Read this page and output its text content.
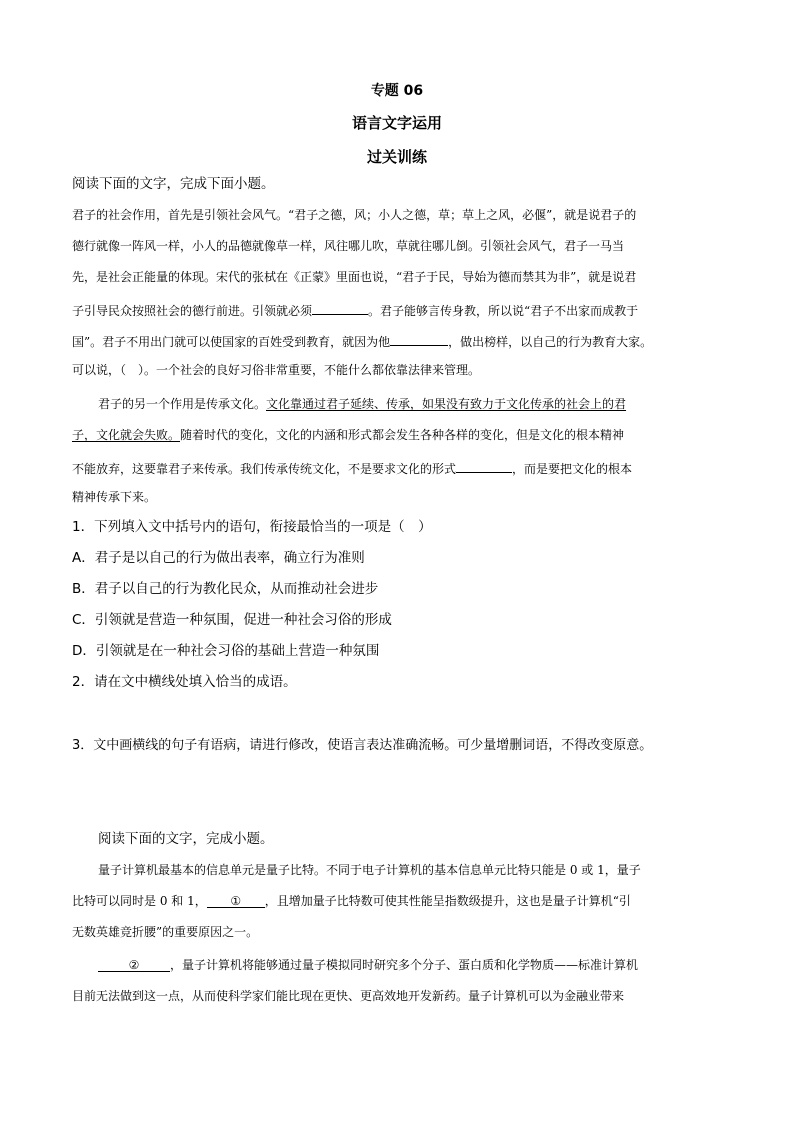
专题 06
语言文字运用
过关训练
阅读下面的文字，完成下面小题。
君子的社会作用，首先是引领社会风气。“君子之德，风；小人之德，草；草上之风，必偃”，就是说君子的
德行就像一阵风一样，小人的品德就像草一样，风往哪儿吹，草就往哪儿倒。引领社会风气，君子一马当
先，是社会正能量的体现。宋代的张栻在《正蒙》里面也说，“君子于民，导始为德而禁其为非”，就是说君
子引导民众按照社会的德行前进。引领就必须	。君子能够言传身教，所以说“君子不出家而成教于
国”。君子不用出门就可以使国家的百姓受到教育，就因为他	，做出榜样，以自己的行为教育大家。
可以说，（　）。一个社会的良好习俗非常重要，不能什么都依靠法律来管理。
君子的另一个作用是传承文化。文化靠通过君子延续、传承，如果没有致力于文化传承的社会上的君
子，文化就会失败。随着时代的变化，文化的内涵和形式都会发生各种各样的变化，但是文化的根本精神
不能放弃，这要靠君子来传承。我们传承传统文化，不是要求文化的形式	，而是要把文化的根本
精神传承下来。
1．下列填入文中括号内的语句，衔接最恰当的一项是（　）
A．君子是以自己的行为做出表率，确立行为准则
B．君子以自己的行为教化民众，从而推动社会进步
C．引领就是营造一种氛围，促进一种社会习俗的形成
D．引领就是在一种社会习俗的基础上营造一种氛围
2．请在文中横线处填入恰当的成语。
3．文中画横线的句子有语病，请进行修改，使语言表达准确流畅。可少量增删词语，不得改变原意。
阅读下面的文字，完成小题。
量子计算机最基本的信息单元是量子比特。不同于电子计算机的基本信息单元比特只能是 0 或 1，量子
比特可以同时是 0 和 1， ① ，且增加量子比特数可使其性能呈指数级提升，这也是量子计算机“引
无数英雄竞折腰”的重要原因之一。
②	，量子计算机将能够通过量子模拟同时研究多个分子、蛋白质和化学物质——标准计算机
目前无法做到这一点，从而使科学家们能比现在更快、更高效地开发新药。量子计算机可以为金融业带来
